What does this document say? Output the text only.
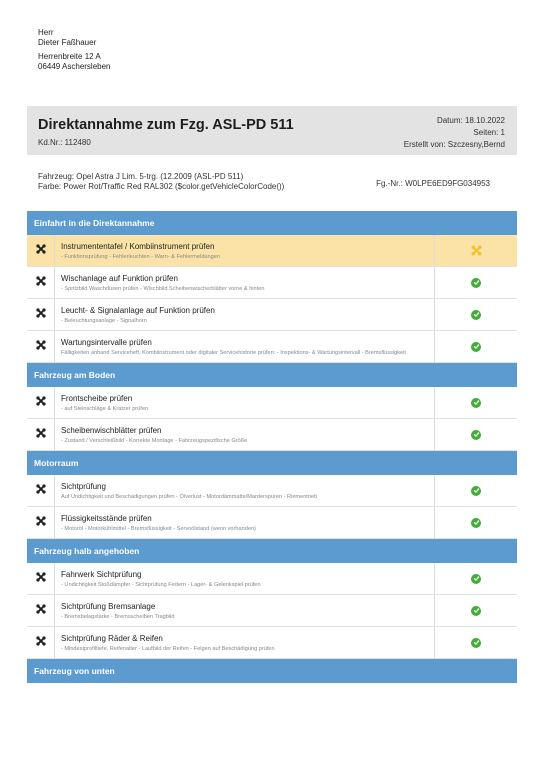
Herr
Dieter Faßhauer
Herrenbreite 12 A
06449 Aschersleben
Direktannahme zum Fzg. ASL-PD 511
Kd.Nr.: 112480
Datum: 18.10.2022
Seiten: 1
Erstellt von: Szczesny,Bernd
Fahrzeug: Opel Astra J Lim. 5-trg. (12.2009 (ASL-PD 511)
Farbe: Power Rot/Traffic Red RAL302 ($color.getVehicleColorCode())	Fg.-Nr.: W0LPE6ED9FG034953
Einfahrt in die Direktannahme
Instrumententafel / Kombiinstrument prüfen
- Funktionsprüfung - Fehlerleuchten - Warn- & Fehlermeldungen
Wischanlage auf Funktion prüfen
- Spritzbild Waschdüsen prüfen - Wischbild Scheibenwischerblätter vorne & hinten
Leucht- & Signalanlage auf Funktion prüfen
- Beleuchtungsanlage - Signalhorn
Wartungsintervalle prüfen
Fälligkeiten anhand Serviceheft, Kombiinstrument oder digitaler Servicehistorie prüfen: - Inspektions- & Wartungsintervall - Bremsflüssigkeit
Fahrzeug am Boden
Frontscheibe prüfen
- auf Steinschläge & Kratzer prüfen
Scheibenwischblätter prüfen
- Zustand / Verschleißbild - Korrekte Montage - Fahrzeugspezifische Größe
Motorraum
Sichtprüfung
Auf Undichtigkeit und Beschädigungen prüfen - Ölverlust - Motordämmatte/Marderspuren - Riementrieb
Flüssigkeitsstände prüfen
- Motoröl - Motorkühlmittel - Bremsflüssigkeit - Servoölstand (wenn vorhanden)
Fahrzeug halb angehoben
Fahrwerk Sichtprüfung
- Undichtigkeit Stoßdämpfer - Sichtprüfung Federn - Lager- & Gelenkspiel prüfen
Sichtprüfung Bremsanlage
- Bremsbelagstärke - Bremsscheiben Tragbild
Sichtprüfung Räder & Reifen
- Mindestprofiltiefe, Reifenalter - Laufbild der Reifen - Felgen auf Beschädigung prüfen
Fahrzeug von unten
